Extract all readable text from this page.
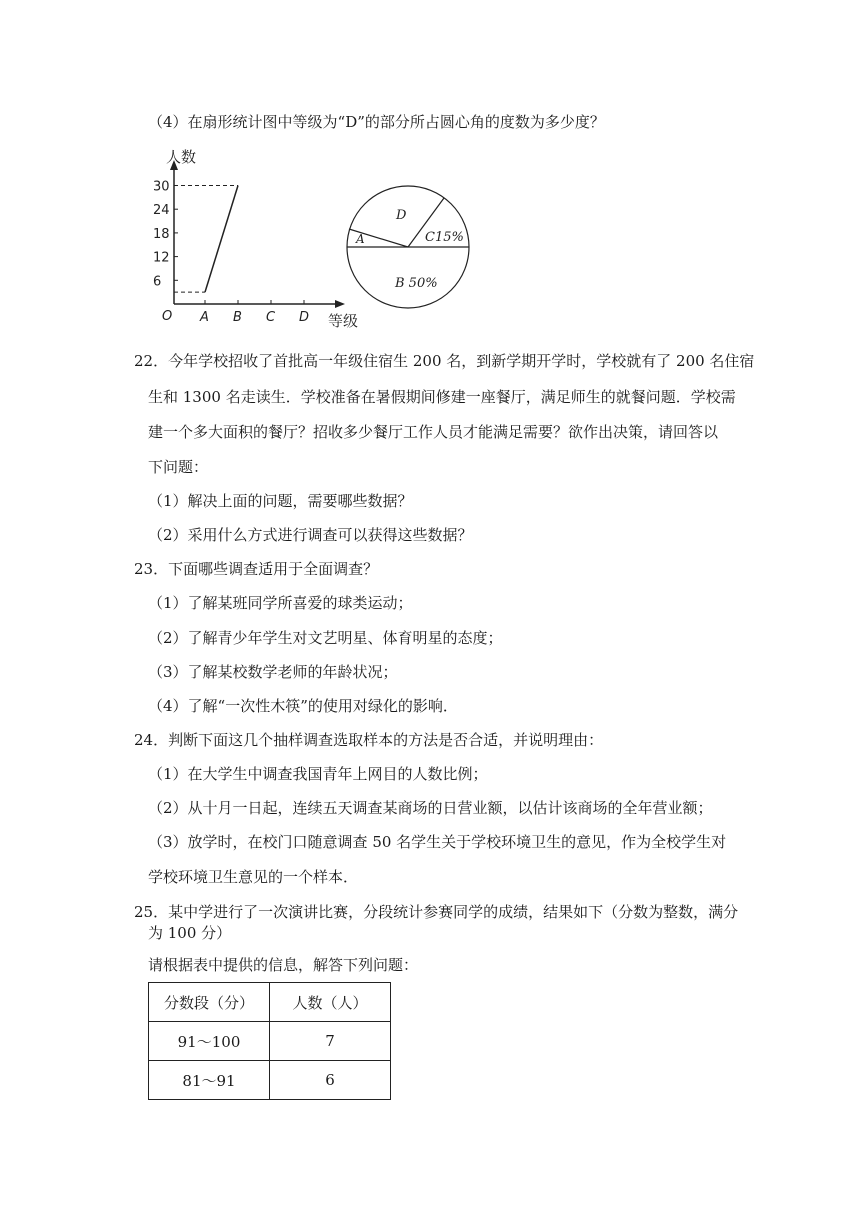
（4）在扇形统计图中等级为“D”的部分所占圆心角的度数为多少度？
人数
等级
O
6
12
18
24
30
A B C D
D
A	C15%
B 50%
22．今年学校招收了首批高一年级住宿生 200 名，到新学期开学时，学校就有了 200 名住宿
生和 1300 名走读生．学校准备在暑假期间修建一座餐厅，满足师生的就餐问题．学校需
建一个多大面积的餐厅？招收多少餐厅工作人员才能满足需要？欲作出决策，请回答以
下问题：
（1）解决上面的问题，需要哪些数据？
（2）采用什么方式进行调查可以获得这些数据？
23．下面哪些调查适用于全面调查？
（1）了解某班同学所喜爱的球类运动；
（2）了解青少年学生对文艺明星、体育明星的态度；
（3）了解某校数学老师的年龄状况；
（4）了解“一次性木筷”的使用对绿化的影响．
24．判断下面这几个抽样调查选取样本的方法是否合适，并说明理由：
（1）在大学生中调查我国青年上网目的人数比例；
（2）从十月一日起，连续五天调查某商场的日营业额，以估计该商场的全年营业额；
（3）放学时，在校门口随意调查 50 名学生关于学校环境卫生的意见，作为全校学生对
学校环境卫生意见的一个样本．
25．某中学进行了一次演讲比赛，分段统计参赛同学的成绩，结果如下（分数为整数，满分
为 100 分）
请根据表中提供的信息，解答下列问题：
分数段（分）	人数（人）
91～100	7
81～91	6
